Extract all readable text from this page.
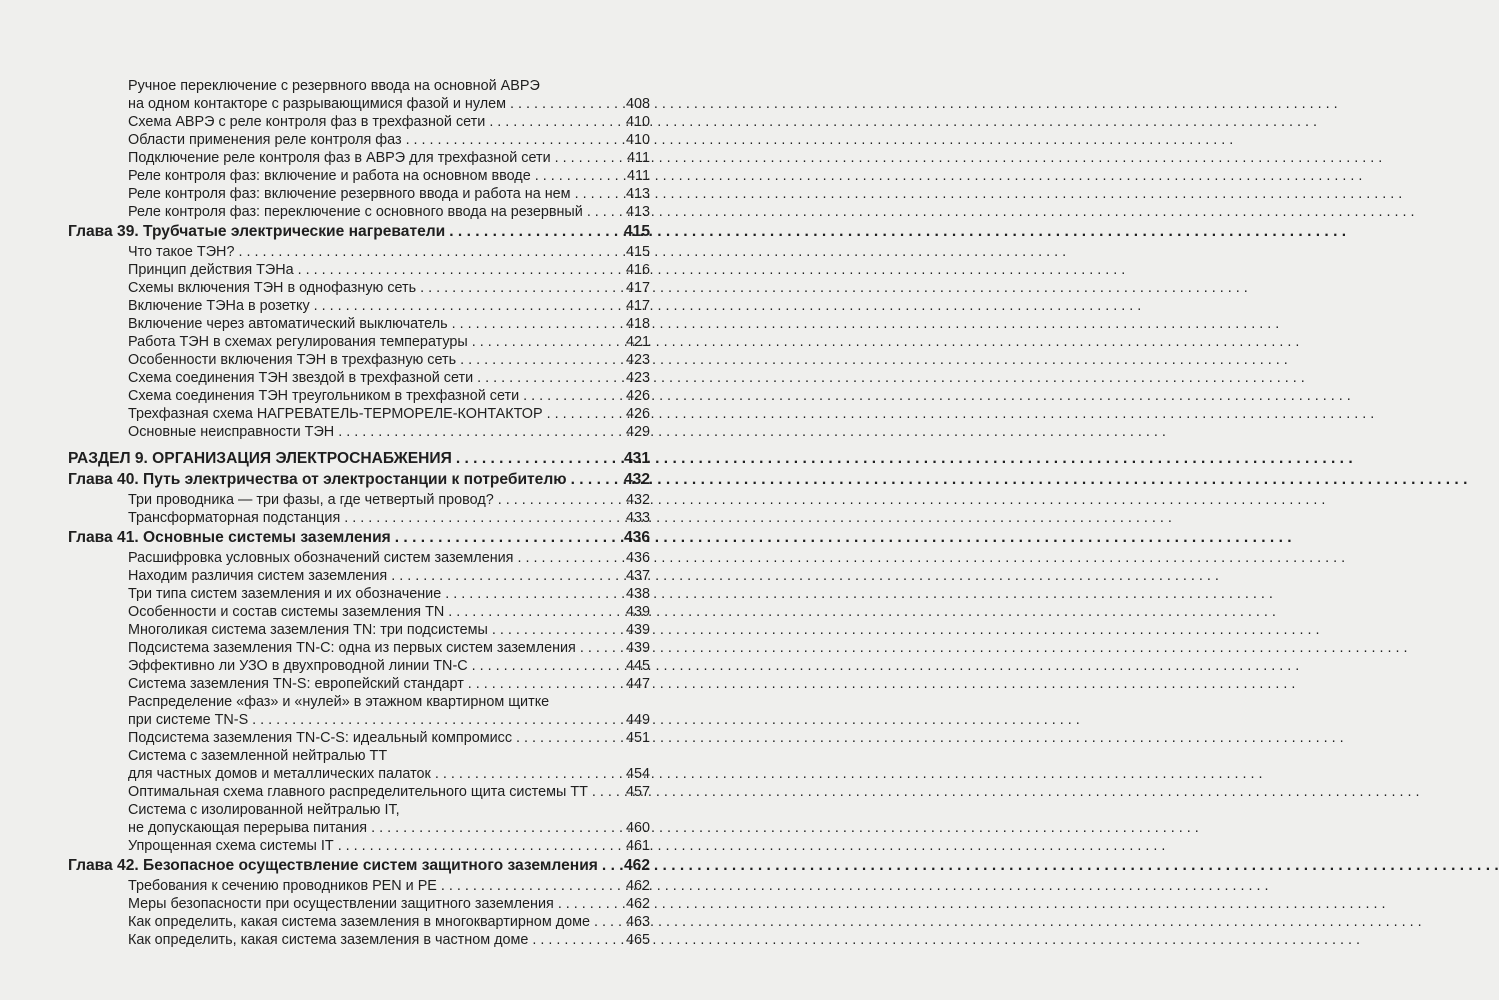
Ручное переключение с резервного ввода на основной АВРЭ
на одном контакторе с разрывающимися фазой и нулем . . .	408
Схема АВРЭ с реле контроля фаз в трехфазной сети . . .	410
Области применения реле контроля фаз . . .	410
Подключение реле контроля фаз в АВРЭ для трехфазной сети . . .	411
Реле контроля фаз: включение и работа на основном вводе . . .	411
Реле контроля фаз: включение резервного ввода и работа на нем . . .	413
Реле контроля фаз: переключение с основного ввода на резервный . . .	413
Глава 39. Трубчатые электрические нагреватели . . .	415
Что такое ТЭН? . . .	415
Принцип действия ТЭНа . . .	416
Схемы включения ТЭН в однофазную сеть . . .	417
Включение ТЭНа в розетку . . .	417
Включение через автоматический выключатель . . .	418
Работа ТЭН в схемах регулирования температуры . . .	421
Особенности включения ТЭН в трехфазную сеть . . .	423
Схема соединения ТЭН звездой в трехфазной сети . . .	423
Схема соединения ТЭН треугольником в трехфазной сети . . .	426
Трехфазная схема НАГРЕВАТЕЛЬ-ТЕРМОРЕЛЕ-КОНТАКТОР . . .	426
Основные неисправности ТЭН . . .	429
РАЗДЕЛ 9. ОРГАНИЗАЦИЯ ЭЛЕКТРОСНАБЖЕНИЯ . . .	431
Глава 40. Путь электричества от электростанции к потребителю . . .	432
Три проводника — три фазы, а где четвертый провод? . . .	432
Трансформаторная подстанция . . .	433
Глава 41. Основные системы заземления . . .	436
Расшифровка условных обозначений систем заземления . . .	436
Находим различия систем заземления . . .	437
Три типа систем заземления и их обозначение . . .	438
Особенности и состав системы заземления TN . . .	439
Многоликая система заземления TN: три подсистемы . . .	439
Подсистема заземления TN-C: одна из первых систем заземления . . .	439
Эффективно ли УЗО в двухпроводной линии TN-C . . .	445
Система заземления TN-S: европейский стандарт . . .	447
Распределение «фаз» и «нулей» в этажном квартирном щитке
при системе TN-S . . .	449
Подсистема заземления TN-C-S: идеальный компромисс . . .	451
Система с заземленной нейтралью TT
для частных домов и металлических палаток . . .	454
Оптимальная схема главного распределительного щита системы TT . . .	457
Система с изолированной нейтралью IT,
не допускающая перерыва питания . . .	460
Упрощенная схема системы IT . . .	461
Глава 42. Безопасное осуществление систем защитного заземления . . . 462
Требования к сечению проводников PEN и PE . . .	462
Меры безопасности при осуществлении защитного заземления . . .	462
Как определить, какая система заземления в многоквартирном доме . . . 463
Как определить, какая система заземления в частном доме . . .	465
